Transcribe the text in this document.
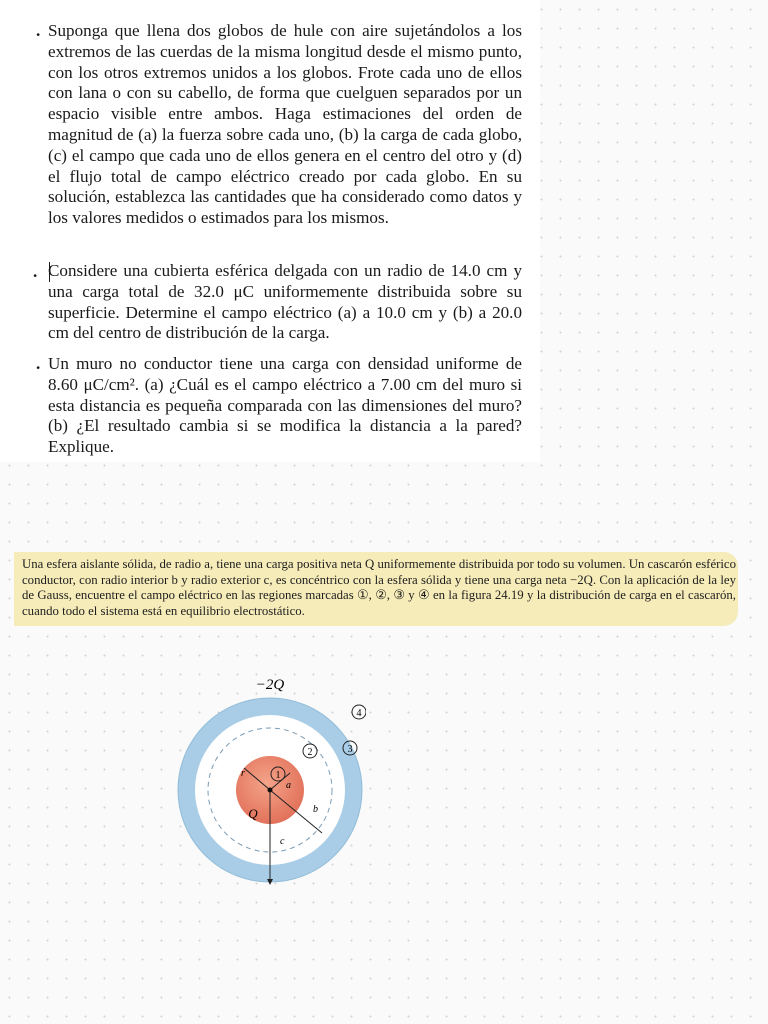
. Suponga que llena dos globos de hule con aire sujetándolos a los extremos de las cuerdas de la misma longitud desde el mismo punto, con los otros extremos unidos a los globos. Frote cada uno de ellos con lana o con su cabello, de forma que cuelguen separados por un espacio visible entre ambos. Haga estimaciones del orden de magnitud de (a) la fuerza sobre cada uno, (b) la carga de cada globo, (c) el campo que cada uno de ellos genera en el centro del otro y (d) el flujo total de campo eléctrico creado por cada globo. En su solución, establezca las cantidades que ha considerado como datos y los valores medidos o estimados para los mismos.
. Considere una cubierta esférica delgada con un radio de 14.0 cm y una carga total de 32.0 μC uniformemente distribuida sobre su superficie. Determine el campo eléctrico (a) a 10.0 cm y (b) a 20.0 cm del centro de distribución de la carga.
. Un muro no conductor tiene una carga con densidad uniforme de 8.60 μC/cm². (a) ¿Cuál es el campo eléctrico a 7.00 cm del muro si esta distancia es pequeña comparada con las dimensiones del muro? (b) ¿El resultado cambia si se modifica la distancia a la pared? Explique.
Una esfera aislante sólida, de radio a, tiene una carga positiva neta Q uniformemente distribuida por todo su volumen. Un cascarón esférico conductor, con radio interior b y radio exterior c, es concéntrico con la esfera sólida y tiene una carga neta −2Q. Con la aplicación de la ley de Gauss, encuentre el campo eléctrico en las regiones marcadas ①, ②, ③ y ④ en la figura 24.19 y la distribución de carga en el cascarón, cuando todo el sistema está en equilibrio electrostático.
−2Q
Q
r
a
b
c
1
2	3
4
